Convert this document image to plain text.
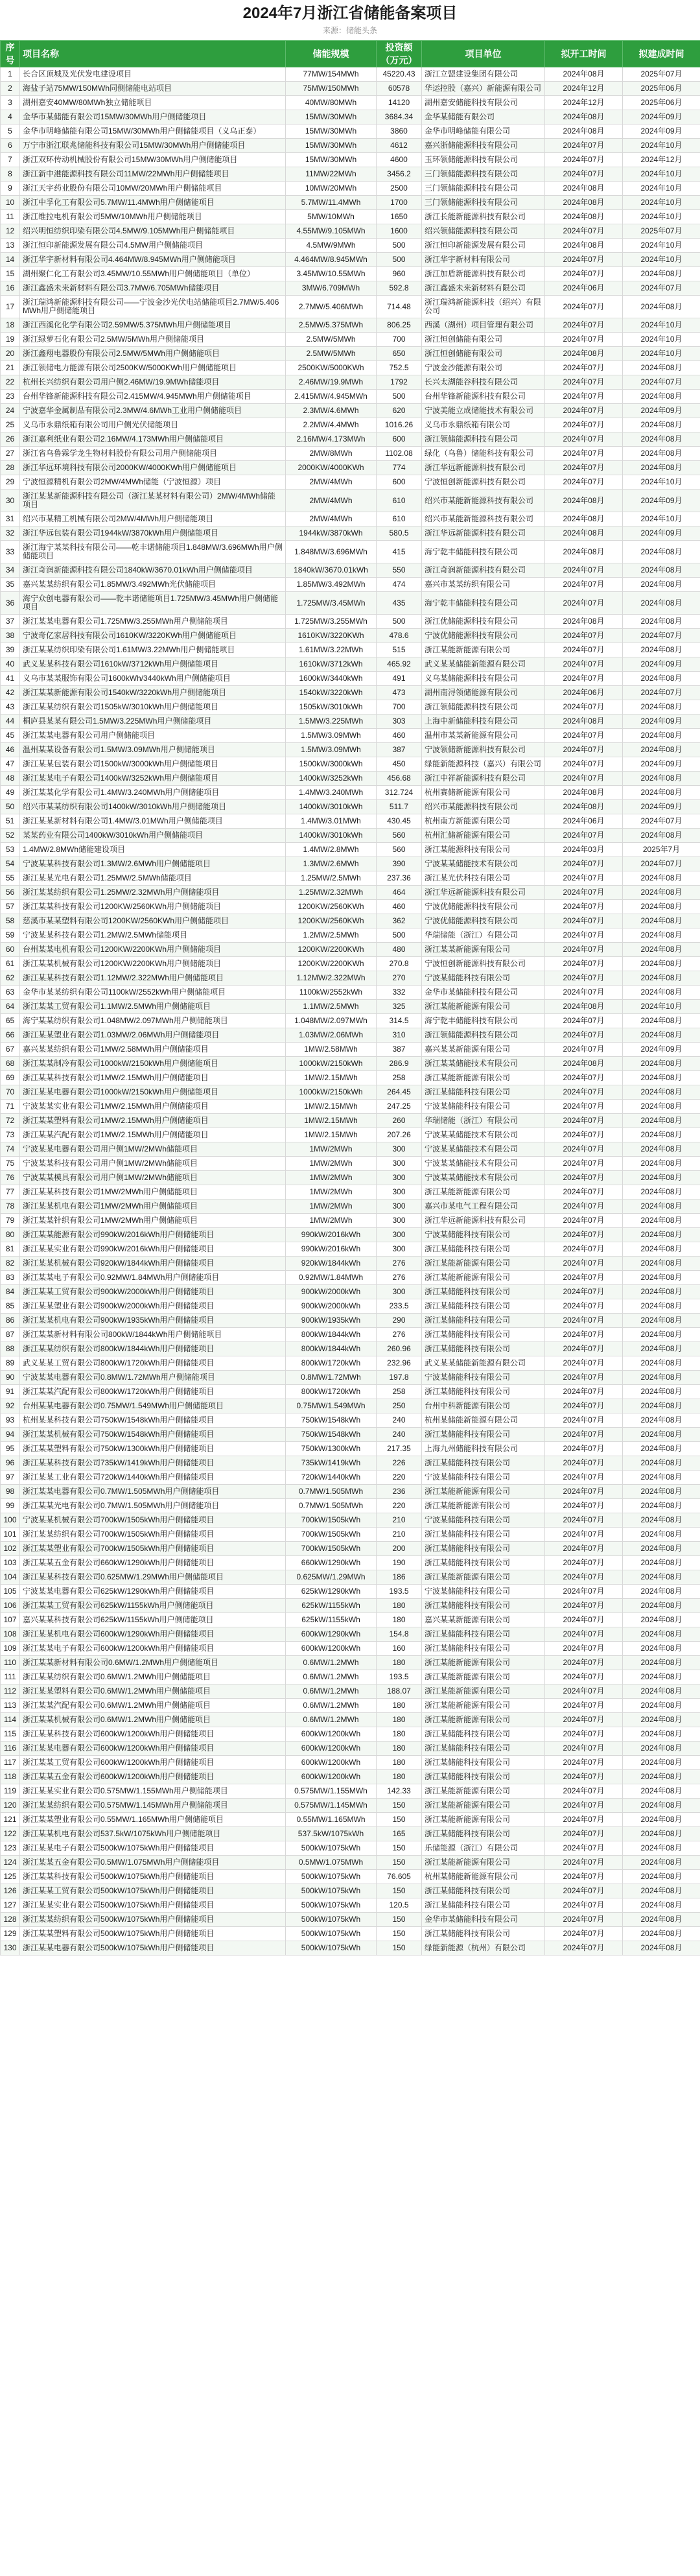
2024年7月浙江省储能备案项目
来源：储能头条
序号	项目名称	储能规模	投资额（万元）	项目单位	拟开工时间	拟建成时间
1	长合区顶城及光伏发电建设项目	77MW/154MWh	45220.43	浙江立盟建设集团有限公司	2024年08月	2025年07月
2	海盐子站75MW/150MWh同侧储能电站项目	75MW/150MWh	60578	华运控股（嘉兴）新能源有限公司	2024年12月	2025年06月
3	湖州嘉安40MW/80MWh独立储能项目	40MW/80MWh	14120	湖州嘉安储能科技有限公司	2024年12月	2025年06月
4	金华市某储能有限公司15MW/30MWh用户侧储能项目	15MW/30MWh	3684.34	金华某储能有限公司	2024年08月	2024年09月
5	金华市明峰储能有限公司15MW/30MWh用户侧储能项目（义乌正泰）	15MW/30MWh	3860	金华市明峰储能有限公司	2024年08月	2024年09月
6	万宁市浙江联兆储能科技有限公司15MW/30MWh用户侧储能项目	15MW/30MWh	4612	嘉兴浙储能源科技有限公司	2024年07月	2024年10月
7	浙江双环传动机械股份有限公司15MW/30MWh用户侧储能项目	15MW/30MWh	4600	玉环领储能源科技有限公司	2024年07月	2024年12月
8	浙江新中港能源科技有限公司11MW/22MWh用户侧储能项目	11MW/22MWh	3456.2	三门领储能源科技有限公司	2024年07月	2024年10月
9	浙江天宇药业股份有限公司10MW/20MWh用户侧储能项目	10MW/20MWh	2500	三门领储能源科技有限公司	2024年08月	2024年10月
10	浙江中孚化工有限公司5.7MW/11.4MWh用户侧储能项目	5.7MW/11.4MWh	1700	三门领储能源科技有限公司	2024年08月	2024年10月
11	浙江维拉电机有限公司5MW/10MWh用户侧储能项目	5MW/10MWh	1650	浙江长能新能源科技有限公司	2024年08月	2024年10月
12	绍兴明恒纺织印染有限公司4.5MW/9.105MWh用户侧储能项目	4.55MW/9.105MWh	1600	绍兴领储能源科技有限公司	2024年07月	2025年07月
13	浙江恒印新能源发展有限公司4.5MW用户侧储能项目	4.5MW/9MWh	500	浙江恒印新能源发展有限公司	2024年08月	2024年10月
14	浙江华宇新材料有限公司4.464MW/8.945MWh用户侧储能项目	4.464MW/8.945MWh	500	浙江华宇新材料有限公司	2024年07月	2024年10月
15	湖州聚仁化工有限公司3.45MW/10.55MWh用户侧储能项目（单位）	3.45MW/10.55MWh	960	浙江加盾新能源科技有限公司	2024年07月	2024年08月
16	浙江鑫盛未来新材料有限公司3.7MW/6.705MWh储能项目	3MW/6.709MWh	592.8	浙江鑫盛未来新材料有限公司	2024年06月	2024年07月
17	浙江瑞鸿新能源科技有限公司——宁波金沙光伏电站储能项目2.7MW/5.406MWh用户侧储能项目	2.7MW/5.406MWh	714.48	浙江瑞鸿新能源科技（绍兴）有限公司	2024年07月	2024年08月
18	浙江西溪化化学有限公司2.59MW/5.375MWh用户侧储能项目	2.5MW/5.375MWh	806.25	西溪（湖州）项目管理有限公司	2024年07月	2024年10月
19	浙江绿萝石化有限公司2.5MW/5MWh用户侧储能项目	2.5MW/5MWh	700	浙江恒创储能有限公司	2024年07月	2024年10月
20	浙江鑫翔电器股份有限公司2.5MW/5MWh用户侧储能项目	2.5MW/5MWh	650	浙江恒创储能有限公司	2024年08月	2024年10月
21	浙江领储电力能源有限公司2500KW/5000KWh用户侧储能项目	2500KW/5000KWh	752.5	宁波金沙能源有限公司	2024年07月	2024年08月
22	杭州长兴纺织有限公司用户侧2.46MW/19.9MWh储能项目	2.46MW/19.9MWh	1792	长兴太湖能谷科技有限公司	2024年07月	2024年07月
23	台州华锋新能源科技有限公司2.415MW/4.945MWh用户侧储能项目	2.415MW/4.945MWh	500	台州华锋新能源科技有限公司	2024年07月	2024年08月
24	宁波嘉华金属制品有限公司2.3MW/4.6MWh工业用户侧储能项目	2.3MW/4.6MWh	620	宁波美能立成储能技术有限公司	2024年07月	2024年09月
25	义乌市永鼎纸箱有限公司用户侧光伏储能项目	2.2MW/4.4MWh	1016.26	义乌市永鼎纸箱有限公司	2024年07月	2024年08月
26	浙江嘉利纸业有限公司2.16MW/4.173MWh用户侧储能项目	2.16MW/4.173MWh	600	浙江领储能源科技有限公司	2024年07月	2024年08月
27	浙江省乌鲁霖学龙生物材料股份有限公司用户侧储能项目	2MW/8MWh	1102.08	绿化（乌鲁）储能科技有限公司	2024年07月	2024年08月
28	浙江华远环境科技有限公司2000KW/4000KWh用户侧储能项目	2000KW/4000KWh	774	浙江华远新能源科技有限公司	2024年07月	2024年08月
29	宁波恒源精机有限公司2MW/4MWh储能（宁波恒源）项目	2MW/4MWh	600	宁波恒创新能源科技有限公司	2024年07月	2024年10月
30	浙江某某新能源科技有限公司（浙江某某材料有限公司）2MW/4MWh储能项目	2MW/4MWh	610	绍兴市某能新能源科技有限公司	2024年08月	2024年09月
31	绍兴市某精工机械有限公司2MW/4MWh用户侧储能项目	2MW/4MWh	610	绍兴市某能新能源科技有限公司	2024年08月	2024年10月
32	浙江华远包装有限公司1944kW/3870kWh用户侧储能项目	1944kW/3870kWh	580.5	浙江华远新能源科技有限公司	2024年08月	2024年09月
33	浙江海宁某某科技有限公司——乾丰诺储能项目1.848MW/3.696MWh用户侧储能项目	1.848MW/3.696MWh	415	海宁乾丰储能科技有限公司	2024年08月	2024年08月
34	浙江奇润新能源科技有限公司1840kW/3670.01kWh用户侧储能项目	1840kW/3670.01kWh	550	浙江奇润新能源科技有限公司	2024年07月	2024年08月
35	嘉兴某某纺织有限公司1.85MW/3.492MWh光伏储能项目	1.85MW/3.492MWh	474	嘉兴市某某纺织有限公司	2024年07月	2024年08月
36	海宁众创电器有限公司——乾丰诺储能项目1.725MW/3.45MWh用户侧储能项目	1.725MW/3.45MWh	435	海宁乾丰储能科技有限公司	2024年07月	2024年08月
37	浙江某某电器有限公司1.725MW/3.255MWh用户侧储能项目	1.725MW/3.255MWh	500	浙江优储能源科技有限公司	2024年08月	2024年08月
38	宁波奇亿家居科技有限公司1610KW/3220KWh用户侧储能项目	1610KW/3220KWh	478.6	宁波优储能源科技有限公司	2024年07月	2024年07月
39	浙江某某纺织印染有限公司1.61MW/3.22MWh用户侧储能项目	1.61MW/3.22MWh	515	浙江某能新能源有限公司	2024年07月	2024年08月
40	武义某某科技有限公司1610kW/3712kWh用户侧储能项目	1610kW/3712kWh	465.92	武义某某储能新能源有限公司	2024年07月	2024年09月
41	义乌市某某服饰有限公司1600kWh/3440kWh用户侧储能项目	1600kW/3440kWh	491	义乌某储能源科技有限公司	2024年07月	2024年08月
42	浙江某某新能源有限公司1540kW/3220kWh用户侧储能项目	1540kW/3220kWh	473	湖州南浔领储能源有限公司	2024年06月	2024年07月
43	浙江某某纺织有限公司1505kW/3010kWh用户侧储能项目	1505kW/3010kWh	700	浙江领储能源科技有限公司	2024年07月	2024年08月
44	桐庐县某某有限公司1.5MW/3.225MWh用户侧储能项目	1.5MW/3.225MWh	303	上海中新储能科技有限公司	2024年08月	2024年09月
45	浙江某某电器有限公司用户侧储能项目	1.5MW/3.09MWh	460	温州市某某新能源有限公司	2024年07月	2024年08月
46	温州某某设备有限公司1.5MW/3.09MWh用户侧储能项目	1.5MW/3.09MWh	387	宁波领储新能源科技有限公司	2024年07月	2024年08月
47	浙江某某包装有限公司1500kW/3000kWh用户侧储能项目	1500kW/3000kWh	450	绿能新能源科技（嘉兴）有限公司	2024年07月	2024年09月
48	浙江某某电子有限公司1400kW/3252kWh用户侧储能项目	1400kW/3252kWh	456.68	浙江中祥新能源科技有限公司	2024年07月	2024年08月
49	浙江某某化学有限公司1.4MW/3.240MWh用户侧储能项目	1.4MW/3.240MWh	312.724	杭州赛储新能源有限公司	2024年08月	2024年08月
50	绍兴市某某纺织有限公司1400kW/3010kWh用户侧储能项目	1400kW/3010kWh	511.7	绍兴市某能源科技有限公司	2024年08月	2024年09月
51	浙江某某新材料有限公司1.4MW/3.01MWh用户侧储能项目	1.4MW/3.01MWh	430.45	杭州南方新能源有限公司	2024年06月	2024年07月
52	某某药业有限公司1400kW/3010kWh用户侧储能项目	1400kW/3010kWh	560	杭州汇储新能源有限公司	2024年07月	2024年08月
53	1.4MW/2.8MWh储能建设项目	1.4MW/2.8MWh	560	浙江某能源科技有限公司	2024年03月	2025年7月
54	宁波某某科技有限公司1.3MW/2.6MWh用户侧储能项目	1.3MW/2.6MWh	390	宁波某某储能技术有限公司	2024年07月	2024年07月
55	浙江某某光电有限公司1.25MW/2.5MWh储能项目	1.25MW/2.5MWh	237.36	浙江某光伏科技有限公司	2024年07月	2024年08月
56	浙江某某纺织有限公司1.25MW/2.32MWh用户侧储能项目	1.25MW/2.32MWh	464	浙江华远新能源科技有限公司	2024年07月	2024年08月
57	浙江某某科技有限公司1200KW/2560KWh用户侧储能项目	1200KW/2560KWh	460	宁波优储能源科技有限公司	2024年07月	2024年08月
58	慈溪市某某塑料有限公司1200KW/2560KWh用户侧储能项目	1200KW/2560KWh	362	宁波优储能源科技有限公司	2024年07月	2024年08月
59	宁波某某科技有限公司1.2MW/2.5MWh储能项目	1.2MW/2.5MWh	500	华瑞储能（浙江）有限公司	2024年07月	2024年08月
60	台州某某电机有限公司1200KW/2200KWh用户侧储能项目	1200KW/2200KWh	480	浙江某某新能源有限公司	2024年07月	2024年08月
61	浙江某某机械有限公司1200KW/2200KWh用户侧储能项目	1200KW/2200KWh	270.8	宁波恒创新能源科技有限公司	2024年07月	2024年08月
62	浙江某某科技有限公司1.12MW/2.322MWh用户侧储能项目	1.12MW/2.322MWh	270	宁波某储能科技有限公司	2024年07月	2024年08月
63	金华市某某纺织有限公司1100kW/2552kWh用户侧储能项目	1100kW/2552kWh	332	金华市某储能科技有限公司	2024年07月	2024年08月
64	浙江某某工贸有限公司1.1MW/2.5MWh用户侧储能项目	1.1MW/2.5MWh	325	浙江某能新能源有限公司	2024年08月	2024年10月
65	海宁某某纺织有限公司1.048MW/2.097MWh用户侧储能项目	1.048MW/2.097MWh	314.5	海宁乾丰储能科技有限公司	2024年07月	2024年08月
66	浙江某某塑业有限公司1.03MW/2.06MWh用户侧储能项目	1.03MW/2.06MWh	310	浙江领储能源科技有限公司	2024年07月	2024年08月
67	嘉兴某某纺织有限公司1MW/2.58MWh用户侧储能项目	1MW/2.58MWh	387	嘉兴某某新能源有限公司	2024年07月	2024年09月
68	浙江某某制冷有限公司1000kW/2150kWh用户侧储能项目	1000kW/2150kWh	286.9	浙江某某储能技术有限公司	2024年08月	2024年08月
69	浙江某某科技有限公司1MW/2.15MWh用户侧储能项目	1MW/2.15MWh	258	浙江某能新能源有限公司	2024年07月	2024年08月
70	浙江某某电器有限公司1000kW/2150kWh用户侧储能项目	1000kW/2150kWh	264.45	浙江某储能科技有限公司	2024年07月	2024年08月
71	宁波某某实业有限公司1MW/2.15MWh用户侧储能项目	1MW/2.15MWh	247.25	宁波某储能科技有限公司	2024年07月	2024年08月
72	浙江某某塑料有限公司1MW/2.15MWh用户侧储能项目	1MW/2.15MWh	260	华瑞储能（浙江）有限公司	2024年07月	2024年08月
73	浙江某某汽配有限公司1MW/2.15MWh用户侧储能项目	1MW/2.15MWh	207.26	宁波某某储能技术有限公司	2024年07月	2024年08月
74	宁波某某电器有限公司用户侧1MW/2MWh储能项目	1MW/2MWh	300	宁波某某储能技术有限公司	2024年07月	2024年08月
75	宁波某某科技有限公司用户侧1MW/2MWh储能项目	1MW/2MWh	300	宁波某某储能技术有限公司	2024年07月	2024年08月
76	宁波某某模具有限公司用户侧1MW/2MWh储能项目	1MW/2MWh	300	宁波某某储能技术有限公司	2024年07月	2024年08月
77	浙江某某科技有限公司1MW/2MWh用户侧储能项目	1MW/2MWh	300	浙江某能新能源有限公司	2024年07月	2024年08月
78	浙江某某机电有限公司1MW/2MWh用户侧储能项目	1MW/2MWh	300	嘉兴市某电气工程有限公司	2024年07月	2024年08月
79	浙江某某针织有限公司1MW/2MWh用户侧储能项目	1MW/2MWh	300	浙江华远新能源科技有限公司	2024年07月	2024年08月
80	浙江某某能源有限公司990kW/2016kWh用户侧储能项目	990kW/2016kWh	300	宁波某储能科技有限公司	2024年07月	2024年08月
81	浙江某某实业有限公司990kW/2016kWh用户侧储能项目	990kW/2016kWh	300	浙江某储能科技有限公司	2024年07月	2024年08月
82	浙江某某机械有限公司920kW/1844kWh用户侧储能项目	920kW/1844kWh	276	浙江某能新能源有限公司	2024年07月	2024年08月
83	浙江某某电子有限公司0.92MW/1.84MWh用户侧储能项目	0.92MW/1.84MWh	276	浙江某能新能源有限公司	2024年07月	2024年08月
84	浙江某某工贸有限公司900kW/2000kWh用户侧储能项目	900kW/2000kWh	300	浙江某储能科技有限公司	2024年07月	2024年08月
85	浙江某某塑业有限公司900kW/2000kWh用户侧储能项目	900kW/2000kWh	233.5	浙江某储能科技有限公司	2024年07月	2024年08月
86	浙江某某机电有限公司900kW/1935kWh用户侧储能项目	900kW/1935kWh	290	浙江某储能科技有限公司	2024年07月	2024年08月
87	浙江某某新材料有限公司800kW/1844kWh用户侧储能项目	800kW/1844kWh	276	浙江某储能科技有限公司	2024年07月	2024年08月
88	浙江某某纺织有限公司800kW/1844kWh用户侧储能项目	800kW/1844kWh	260.96	浙江某储能科技有限公司	2024年07月	2024年08月
89	武义某某工贸有限公司800kW/1720kWh用户侧储能项目	800kW/1720kWh	232.96	武义某某储能新能源有限公司	2024年07月	2024年08月
90	宁波某某电器有限公司0.8MW/1.72MWh用户侧储能项目	0.8MW/1.72MWh	197.8	宁波某储能科技有限公司	2024年07月	2024年08月
91	浙江某某汽配有限公司800kW/1720kWh用户侧储能项目	800kW/1720kWh	258	浙江某储能科技有限公司	2024年07月	2024年08月
92	台州某某电器有限公司0.75MW/1.549MWh用户侧储能项目	0.75MW/1.549MWh	250	台州中科新能源有限公司	2024年07月	2024年08月
93	杭州某某科技有限公司750kW/1548kWh用户侧储能项目	750kW/1548kWh	240	杭州某储能新能源有限公司	2024年07月	2024年08月
94	浙江某某机械有限公司750kW/1548kWh用户侧储能项目	750kW/1548kWh	240	浙江某储能科技有限公司	2024年07月	2024年08月
95	浙江某某塑料有限公司750kW/1300kWh用户侧储能项目	750kW/1300kWh	217.35	上海九州储能科技有限公司	2024年07月	2024年08月
96	浙江某某科技有限公司735kW/1419kWh用户侧储能项目	735kW/1419kWh	226	浙江某储能科技有限公司	2024年07月	2024年08月
97	浙江某某工业有限公司720kW/1440kWh用户侧储能项目	720kW/1440kWh	220	宁波某储能科技有限公司	2024年07月	2024年08月
98	浙江某某电器有限公司0.7MW/1.505MWh用户侧储能项目	0.7MW/1.505MWh	236	浙江某能新能源有限公司	2024年07月	2024年08月
99	浙江某某光电有限公司0.7MW/1.505MWh用户侧储能项目	0.7MW/1.505MWh	220	浙江某能新能源有限公司	2024年07月	2024年08月
100	宁波某某机械有限公司700kW/1505kWh用户侧储能项目	700kW/1505kWh	210	宁波某储能科技有限公司	2024年07月	2024年08月
101	浙江某某纺织有限公司700kW/1505kWh用户侧储能项目	700kW/1505kWh	210	浙江某储能科技有限公司	2024年07月	2024年08月
102	浙江某某塑业有限公司700kW/1505kWh用户侧储能项目	700kW/1505kWh	200	浙江某储能科技有限公司	2024年07月	2024年08月
103	浙江某某五金有限公司660kW/1290kWh用户侧储能项目	660kW/1290kWh	190	浙江某储能科技有限公司	2024年07月	2024年08月
104	浙江某某科技有限公司0.625MW/1.29MWh用户侧储能项目	0.625MW/1.29MWh	186	浙江某能新能源有限公司	2024年07月	2024年08月
105	宁波某某电器有限公司625kW/1290kWh用户侧储能项目	625kW/1290kWh	193.5	宁波某储能科技有限公司	2024年07月	2024年08月
106	浙江某某工贸有限公司625kW/1155kWh用户侧储能项目	625kW/1155kWh	180	浙江某储能科技有限公司	2024年07月	2024年08月
107	嘉兴某某科技有限公司625kW/1155kWh用户侧储能项目	625kW/1155kWh	180	嘉兴某某新能源有限公司	2024年07月	2024年08月
108	浙江某某机电有限公司600kW/1290kWh用户侧储能项目	600kW/1290kWh	154.8	浙江某储能科技有限公司	2024年07月	2024年08月
109	浙江某某电子有限公司600kW/1200kWh用户侧储能项目	600kW/1200kWh	160	浙江某储能科技有限公司	2024年07月	2024年08月
110	浙江某某新材料有限公司0.6MW/1.2MWh用户侧储能项目	0.6MW/1.2MWh	180	浙江某能新能源有限公司	2024年07月	2024年08月
111	浙江某某纺织有限公司0.6MW/1.2MWh用户侧储能项目	0.6MW/1.2MWh	193.5	浙江某能新能源有限公司	2024年07月	2024年08月
112	浙江某某塑料有限公司0.6MW/1.2MWh用户侧储能项目	0.6MW/1.2MWh	188.07	浙江某能新能源有限公司	2024年07月	2024年08月
113	浙江某某汽配有限公司0.6MW/1.2MWh用户侧储能项目	0.6MW/1.2MWh	180	浙江某能新能源有限公司	2024年07月	2024年08月
114	浙江某某机械有限公司0.6MW/1.2MWh用户侧储能项目	0.6MW/1.2MWh	180	浙江某能新能源有限公司	2024年07月	2024年08月
115	浙江某某科技有限公司600kW/1200kWh用户侧储能项目	600kW/1200kWh	180	浙江某储能科技有限公司	2024年07月	2024年08月
116	浙江某某电器有限公司600kW/1200kWh用户侧储能项目	600kW/1200kWh	180	浙江某储能科技有限公司	2024年07月	2024年08月
117	浙江某某工贸有限公司600kW/1200kWh用户侧储能项目	600kW/1200kWh	180	浙江某储能科技有限公司	2024年07月	2024年08月
118	浙江某某五金有限公司600kW/1200kWh用户侧储能项目	600kW/1200kWh	180	浙江某储能科技有限公司	2024年07月	2024年08月
119	浙江某某实业有限公司0.575MW/1.155MWh用户侧储能项目	0.575MW/1.155MWh	142.33	浙江某能新能源有限公司	2024年07月	2024年08月
120	浙江某某纺织有限公司0.575MW/1.145MWh用户侧储能项目	0.575MW/1.145MWh	150	浙江某能新能源有限公司	2024年07月	2024年08月
121	浙江某某塑业有限公司0.55MW/1.165MWh用户侧储能项目	0.55MW/1.165MWh	150	浙江某能新能源有限公司	2024年07月	2024年08月
122	浙江某某机电有限公司537.5kW/1075kWh用户侧储能项目	537.5kW/1075kWh	165	浙江某储能科技有限公司	2024年07月	2024年08月
123	浙江某某电子有限公司500kW/1075kWh用户侧储能项目	500kW/1075kWh	150	乐储能源（浙江）有限公司	2024年07月	2024年08月
124	浙江某某五金有限公司0.5MW/1.075MWh用户侧储能项目	0.5MW/1.075MWh	150	浙江某能新能源有限公司	2024年07月	2024年08月
125	浙江某某科技有限公司500kW/1075kWh用户侧储能项目	500kW/1075kWh	76.605	杭州某储能新能源有限公司	2024年07月	2024年08月
126	浙江某某工贸有限公司500kW/1075kWh用户侧储能项目	500kW/1075kWh	150	浙江某储能科技有限公司	2024年07月	2024年08月
127	浙江某某实业有限公司500kW/1075kWh用户侧储能项目	500kW/1075kWh	120.5	浙江某储能科技有限公司	2024年07月	2024年08月
128	浙江某某纺织有限公司500kW/1075kWh用户侧储能项目	500kW/1075kWh	150	金华市某储能科技有限公司	2024年07月	2024年08月
129	浙江某某塑料有限公司500kW/1075kWh用户侧储能项目	500kW/1075kWh	150	浙江某储能科技有限公司	2024年07月	2024年08月
130	浙江某某电器有限公司500kW/1075kWh用户侧储能项目	500kW/1075kWh	150	绿能新能源（杭州）有限公司	2024年07月	2024年08月
